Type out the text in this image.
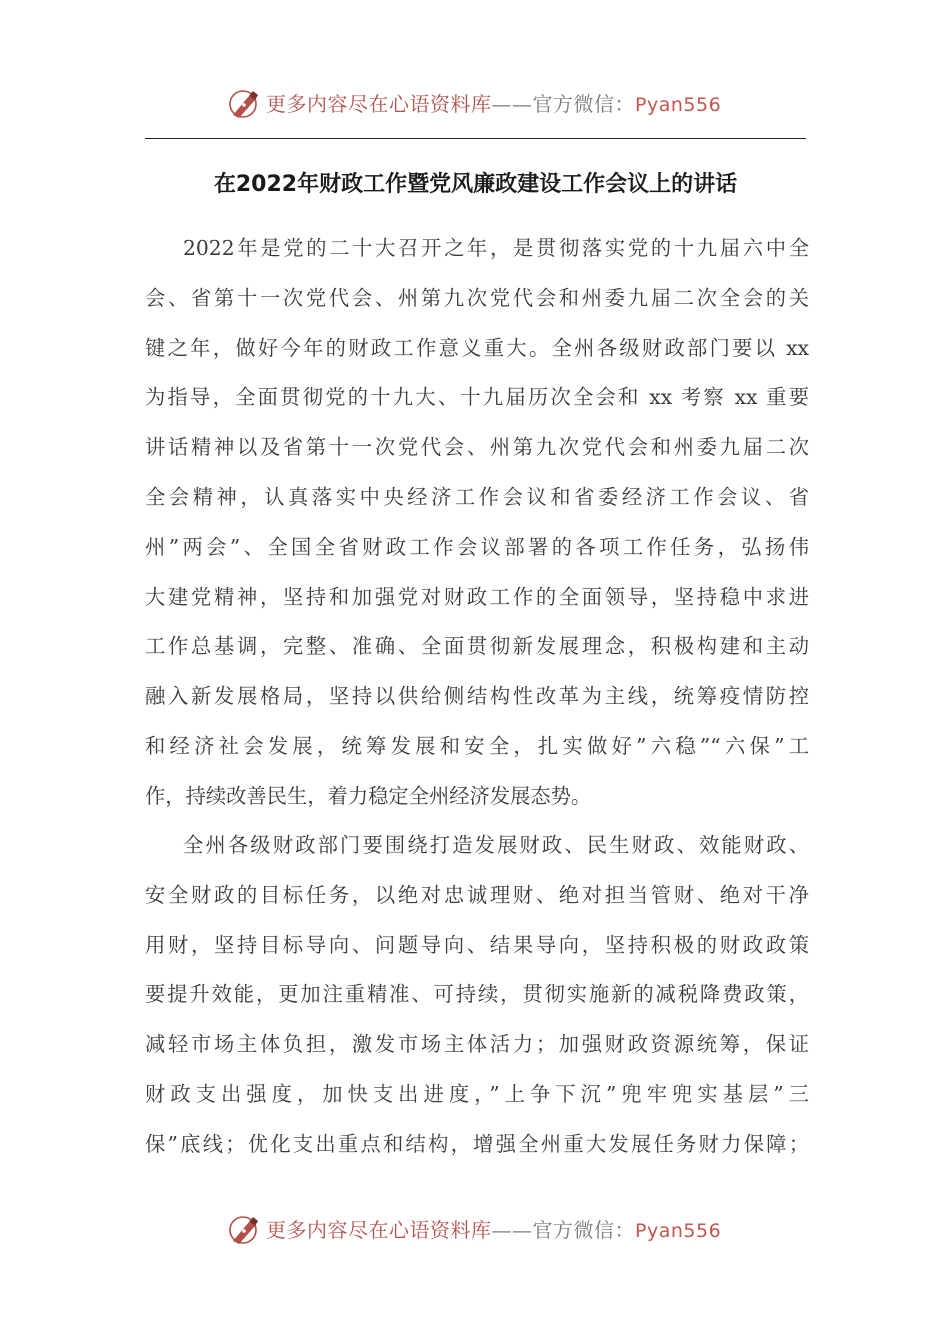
更多内容尽在心语资料库——官方微信：Pyan556
在2022年财政工作暨党风廉政建设工作会议上的讲话
2022年是党的二十大召开之年，是贯彻落实党的十九届六中全
会、省第十一次党代会、州第九次党代会和州委九届二次全会的关
键之年，做好今年的财政工作意义重大。全州各级财政部门要以 xx
为指导，全面贯彻党的十九大、十九届历次全会和 xx 考察 xx 重要
讲话精神以及省第十一次党代会、州第九次党代会和州委九届二次
全会精神，认真落实中央经济工作会议和省委经济工作会议、省
州”两会”、全国全省财政工作会议部署的各项工作任务，弘扬伟
大建党精神，坚持和加强党对财政工作的全面领导，坚持稳中求进
工作总基调，完整、准确、全面贯彻新发展理念，积极构建和主动
融入新发展格局，坚持以供给侧结构性改革为主线，统筹疫情防控
和经济社会发展，统筹发展和安全，扎实做好”六稳”“六保”工
作，持续改善民生，着力稳定全州经济发展态势。
全州各级财政部门要围绕打造发展财政、民生财政、效能财政、
安全财政的目标任务，以绝对忠诚理财、绝对担当管财、绝对干净
用财，坚持目标导向、问题导向、结果导向，坚持积极的财政政策
要提升效能，更加注重精准、可持续，贯彻实施新的减税降费政策，
减轻市场主体负担，激发市场主体活力；加强财政资源统筹，保证
财政支出强度，加快支出进度，”上争下沉”兜牢兜实基层”三
保”底线；优化支出重点和结构，增强全州重大发展任务财力保障；
更多内容尽在心语资料库——官方微信：Pyan556
